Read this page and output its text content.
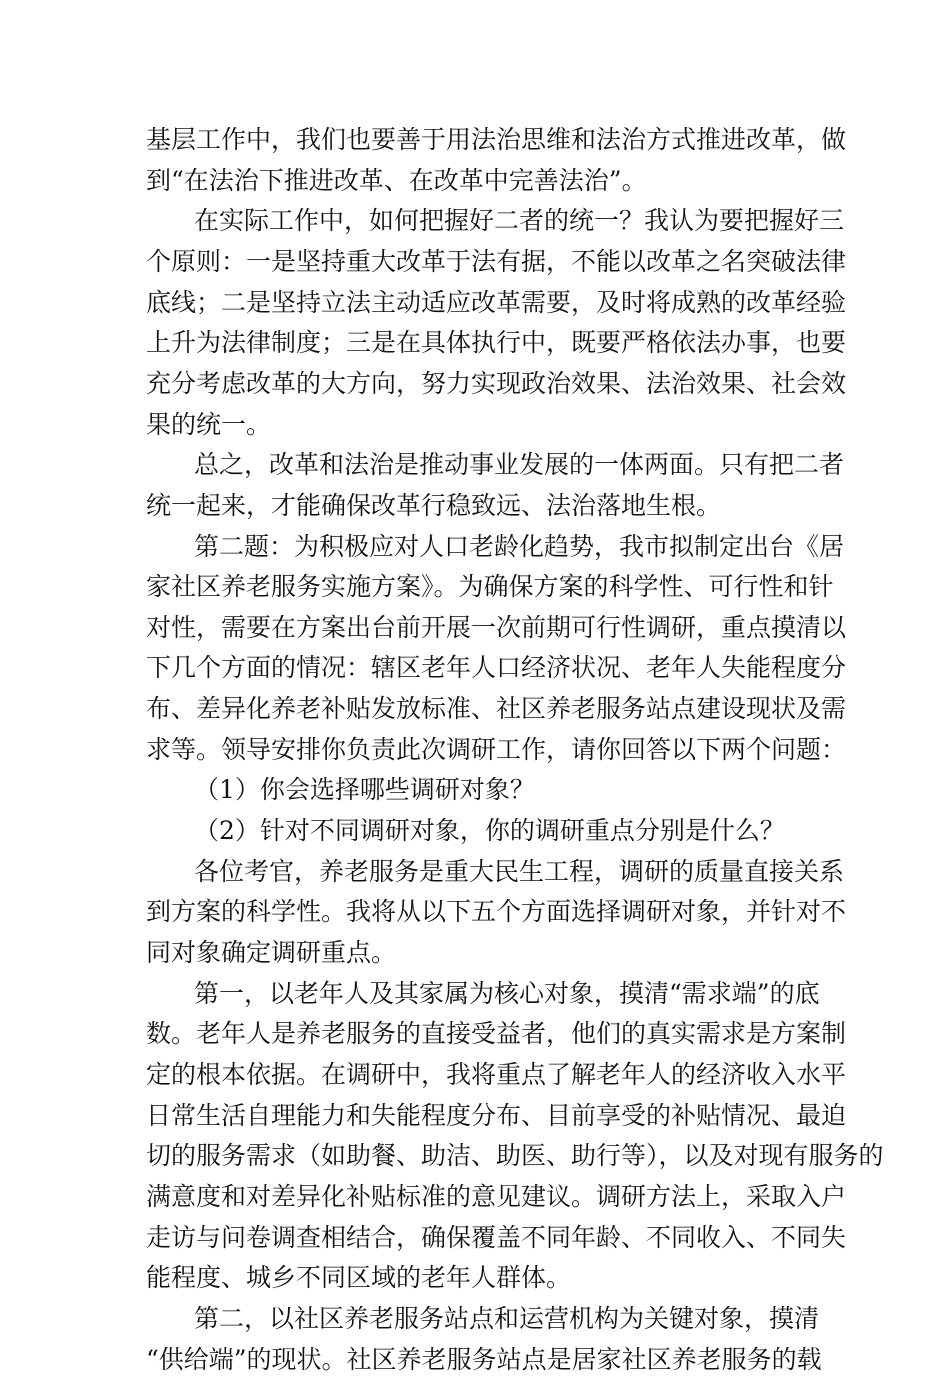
基层工作中，我们也要善于用法治思维和法治方式推进改革，做
到“在法治下推进改革、在改革中完善法治”。
在实际工作中，如何把握好二者的统一？我认为要把握好三
个原则：一是坚持重大改革于法有据，不能以改革之名突破法律
底线；二是坚持立法主动适应改革需要，及时将成熟的改革经验
上升为法律制度；三是在具体执行中，既要严格依法办事，也要
充分考虑改革的大方向，努力实现政治效果、法治效果、社会效
果的统一。
总之，改革和法治是推动事业发展的一体两面。只有把二者
统一起来，才能确保改革行稳致远、法治落地生根。
第二题：为积极应对人口老龄化趋势，我市拟制定出台《居
家社区养老服务实施方案》。为确保方案的科学性、可行性和针
对性，需要在方案出台前开展一次前期可行性调研，重点摸清以
下几个方面的情况：辖区老年人口经济状况、老年人失能程度分
布、差异化养老补贴发放标准、社区养老服务站点建设现状及需
求等。领导安排你负责此次调研工作，请你回答以下两个问题：
（1）你会选择哪些调研对象？
（2）针对不同调研对象，你的调研重点分别是什么？
各位考官，养老服务是重大民生工程，调研的质量直接关系
到方案的科学性。我将从以下五个方面选择调研对象，并针对不
同对象确定调研重点。
第一，以老年人及其家属为核心对象，摸清“需求端”的底
数。老年人是养老服务的直接受益者，他们的真实需求是方案制
定的根本依据。在调研中，我将重点了解老年人的经济收入水平
日常生活自理能力和失能程度分布、目前享受的补贴情况、最迫
切的服务需求（如助餐、助洁、助医、助行等），以及对现有服务的
满意度和对差异化补贴标准的意见建议。调研方法上，采取入户
走访与问卷调查相结合，确保覆盖不同年龄、不同收入、不同失
能程度、城乡不同区域的老年人群体。
第二，以社区养老服务站点和运营机构为关键对象，摸清
“供给端”的现状。社区养老服务站点是居家社区养老服务的载
